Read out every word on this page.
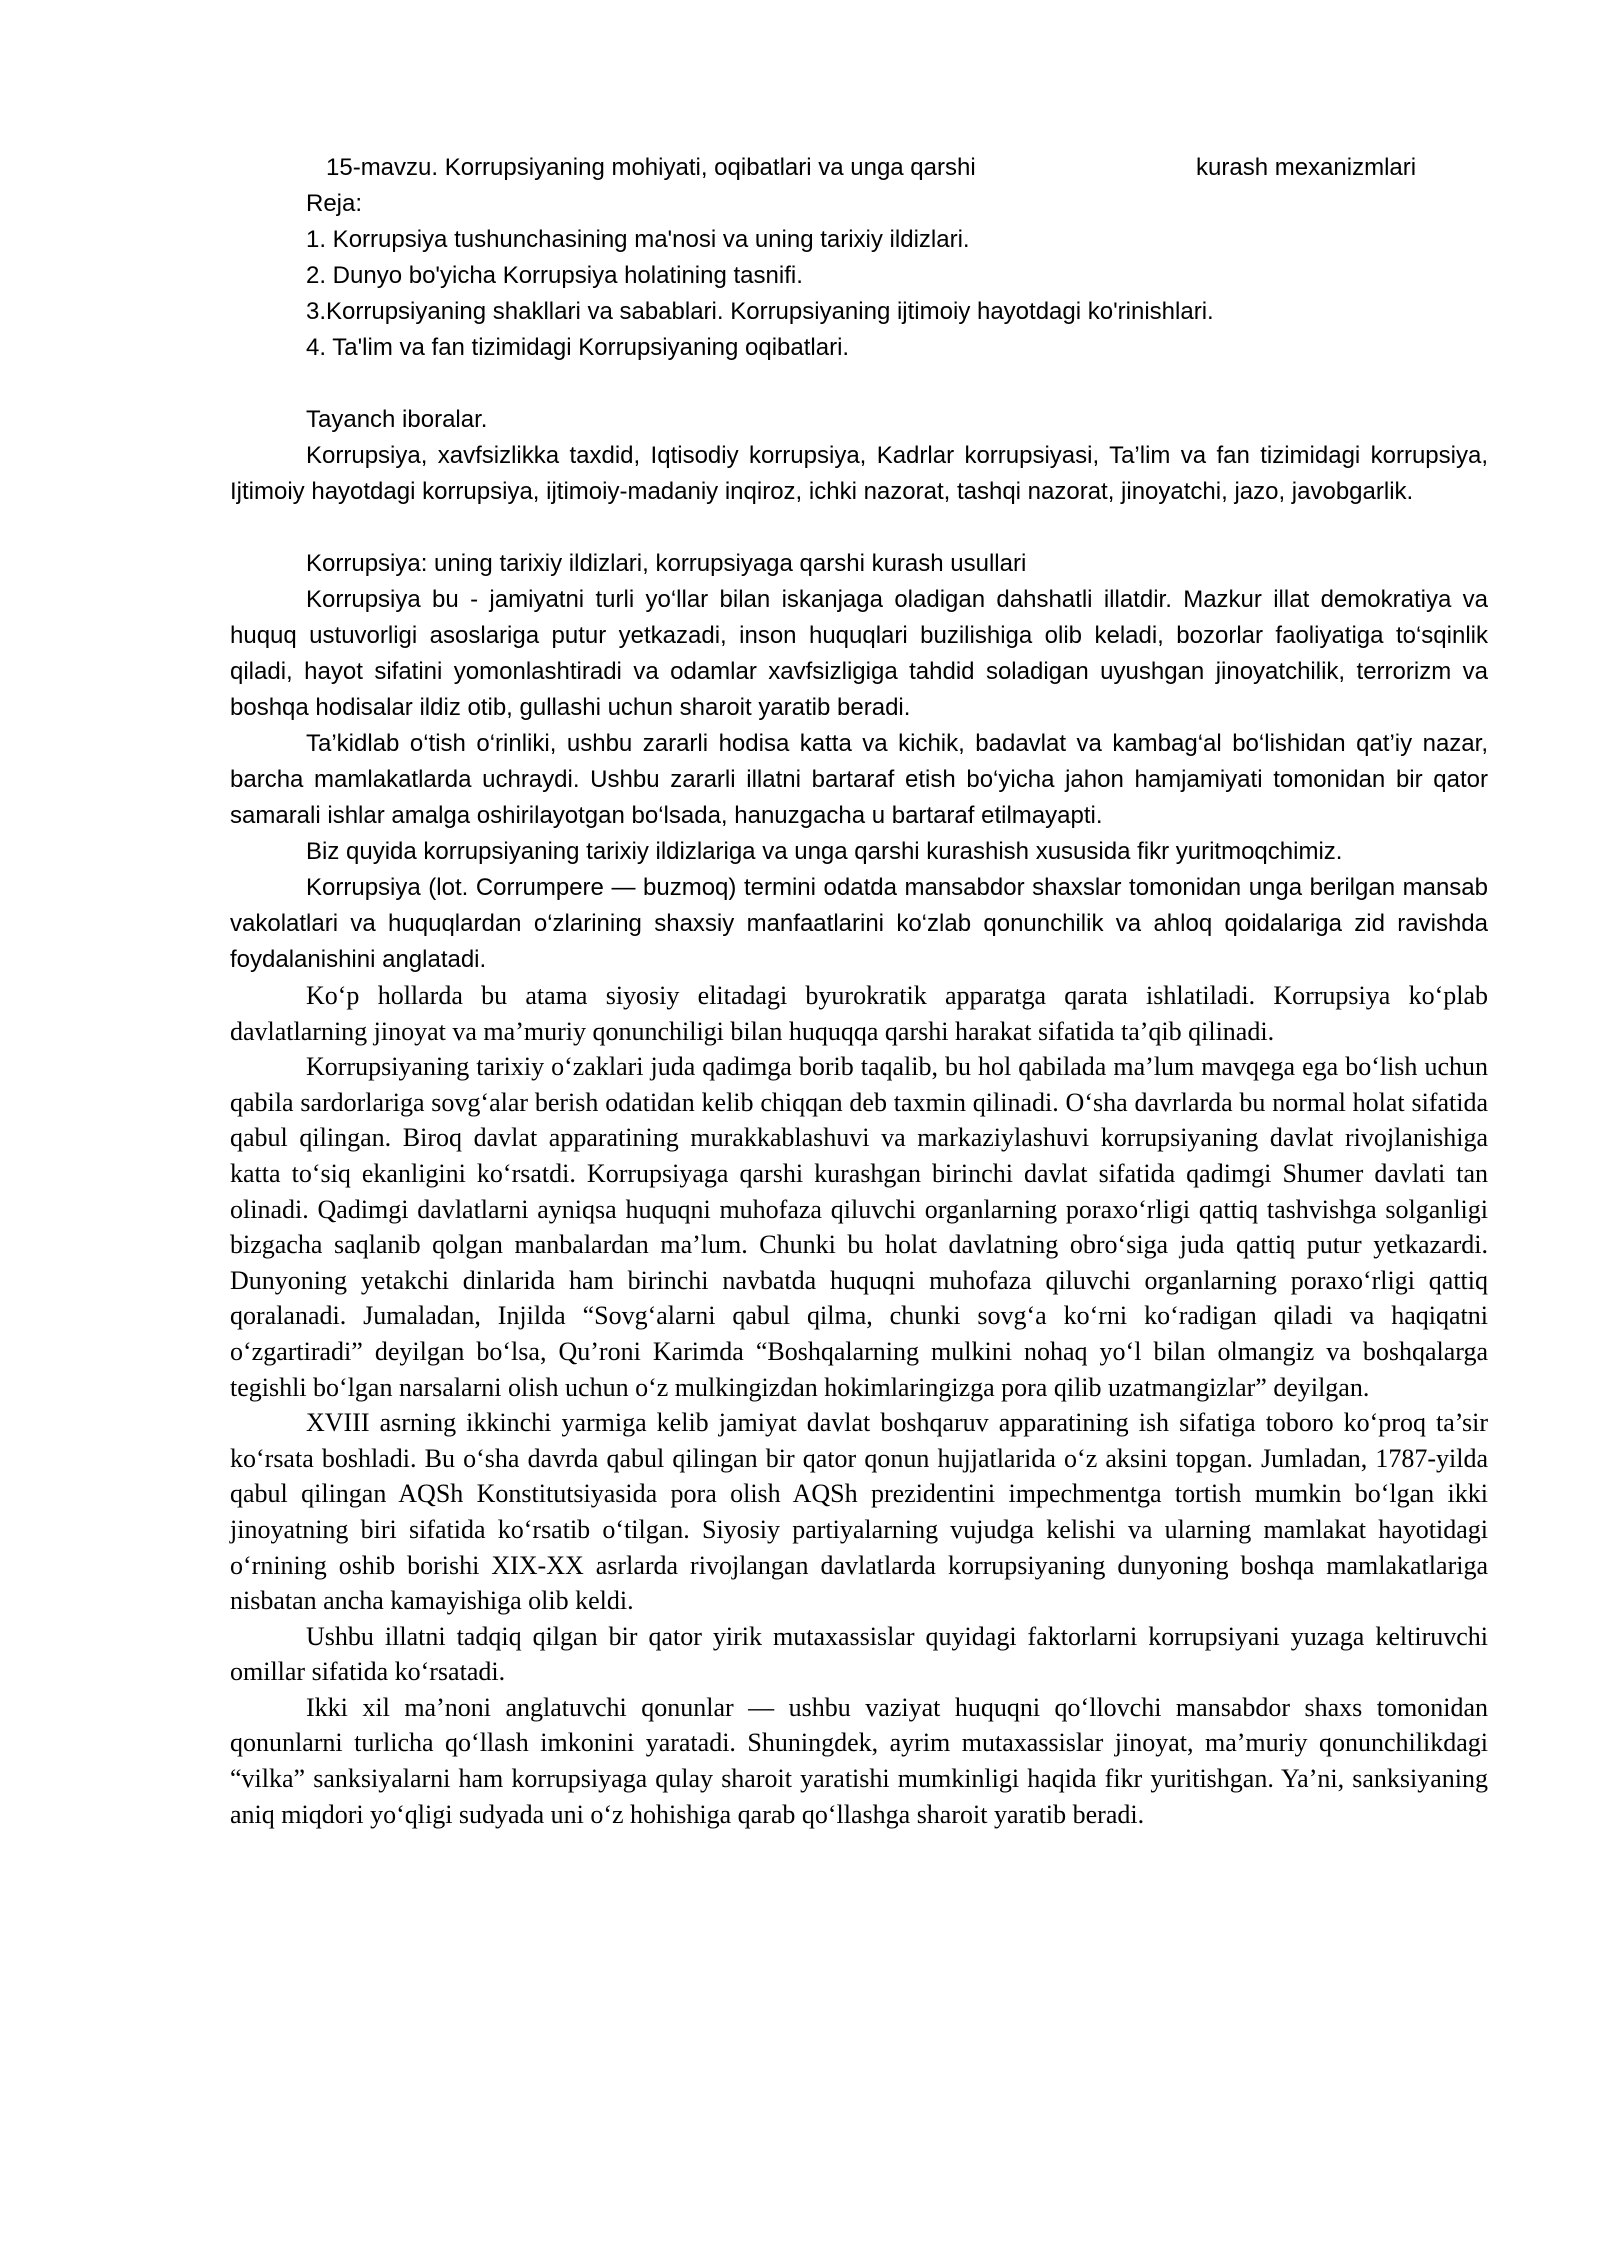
15-mavzu. Korrupsiyaning mohiyati, oqibatlari va unga qarshi	kurash mexanizmlari
Reja:
1. Korrupsiya tushunchasining ma'nosi va uning tarixiy ildizlari.
2. Dunyo bo'yicha Korrupsiya holatining tasnifi.
3.Korrupsiyaning shakllari va sabablari. Korrupsiyaning ijtimoiy hayotdagi ko'rinishlari.
4. Ta'lim va fan tizimidagi Korrupsiyaning oqibatlari.

Tayanch iboralar.

Korrupsiya, xavfsizlikka taxdid, Iqtisodiy korrupsiya, Kadrlar korrupsiyasi, Ta’lim va fan tizimidagi korrupsiya, Ijtimoiy hayotdagi korrupsiya, ijtimoiy-madaniy inqiroz, ichki nazorat, tashqi nazorat, jinoyatchi, jazo, javobgarlik.

Korrupsiya: uning tarixiy ildizlari, korrupsiyaga qarshi kurash usullari

Korrupsiya bu - jamiyatni turli yo‘llar bilan iskanjaga oladigan dahshatli illatdir. Mazkur illat demokratiya va huquq ustuvorligi asoslariga putur yetkazadi, inson huquqlari buzilishiga olib keladi, bozorlar faoliyatiga to‘sqinlik qiladi, hayot sifatini yomonlashtiradi va odamlar xavfsizligiga tahdid soladigan uyushgan jinoyatchilik, terrorizm va boshqa hodisalar ildiz otib, gullashi uchun sharoit yaratib beradi.

Ta’kidlab o‘tish o‘rinliki, ushbu zararli hodisa katta va kichik, badavlat va kambag‘al bo‘lishidan qat’iy nazar, barcha mamlakatlarda uchraydi. Ushbu zararli illatni bartaraf etish bo‘yicha jahon hamjamiyati tomonidan bir qator samarali ishlar amalga oshirilayotgan bo‘lsada, hanuzgacha u bartaraf etilmayapti.

Biz quyida korrupsiyaning tarixiy ildizlariga va unga qarshi kurashish xususida fikr yuritmoqchimiz.

Korrupsiya (lot. Corrumpere — buzmoq) termini odatda mansabdor shaxslar tomonidan unga berilgan mansab vakolatlari va huquqlardan o‘zlarining shaxsiy manfaatlarini ko‘zlab qonunchilik va ahloq qoidalariga zid ravishda foydalanishini anglatadi.

Ko‘p hollarda bu atama siyosiy elitadagi byurokratik apparatga qarata ishlatiladi. Korrupsiya ko‘plab davlatlarning jinoyat va ma’muriy qonunchiligi bilan huquqqa qarshi harakat sifatida ta’qib qilinadi.

Korrupsiyaning tarixiy o‘zaklari juda qadimga borib taqalib, bu hol qabilada ma’lum mavqega ega bo‘lish uchun qabila sardorlariga sovg‘alar berish odatidan kelib chiqqan deb taxmin qilinadi. O‘sha davrlarda bu normal holat sifatida qabul qilingan. Biroq davlat apparatining murakkablashuvi va markaziylashuvi korrupsiyaning davlat rivojlanishiga katta to‘siq ekanligini ko‘rsatdi. Korrupsiyaga qarshi kurashgan birinchi davlat sifatida qadimgi Shumer davlati tan olinadi. Qadimgi davlatlarni ayniqsa huquqni muhofaza qiluvchi organlarning poraxo‘rligi qattiq tashvishga solganligi bizgacha saqlanib qolgan manbalardan ma’lum. Chunki bu holat davlatning obro‘siga juda qattiq putur yetkazardi. Dunyoning yetakchi dinlarida ham birinchi navbatda huquqni muhofaza qiluvchi organlarning poraxo‘rligi qattiq qoralanadi. Jumaladan, Injilda “Sovg‘alarni qabul qilma, chunki sovg‘a ko‘rni ko‘radigan qiladi va haqiqatni o‘zgartiradi” deyilgan bo‘lsa, Qu’roni Karimda “Boshqalarning mulkini nohaq yo‘l bilan olmangiz va boshqalarga tegishli bo‘lgan narsalarni olish uchun o‘z mulkingizdan hokimlaringizga pora qilib uzatmangizlar” deyilgan.

XVIII asrning ikkinchi yarmiga kelib jamiyat davlat boshqaruv apparatining ish sifatiga toboro ko‘proq ta’sir ko‘rsata boshladi. Bu o‘sha davrda qabul qilingan bir qator qonun hujjatlarida o‘z aksini topgan. Jumladan, 1787-yilda qabul qilingan AQSh Konstitutsiyasida pora olish AQSh prezidentini impechmentga tortish mumkin bo‘lgan ikki jinoyatning biri sifatida ko‘rsatib o‘tilgan. Siyosiy partiyalarning vujudga kelishi va ularning mamlakat hayotidagi o‘rnining oshib borishi XIX-XX asrlarda rivojlangan davlatlarda korrupsiyaning dunyoning boshqa mamlakatlariga nisbatan ancha kamayishiga olib keldi.

Ushbu illatni tadqiq qilgan bir qator yirik mutaxassislar quyidagi faktorlarni korrupsiyani yuzaga keltiruvchi omillar sifatida ko‘rsatadi.

Ikki xil ma’noni anglatuvchi qonunlar — ushbu vaziyat huquqni qo‘llovchi mansabdor shaxs tomonidan qonunlarni turlicha qo‘llash imkonini yaratadi. Shuningdek, ayrim mutaxassislar jinoyat, ma’muriy qonunchilikdagi “vilka” sanksiyalarni ham korrupsiyaga qulay sharoit yaratishi mumkinligi haqida fikr yuritishgan. Ya’ni, sanksiyaning aniq miqdori yo‘qligi sudyada uni o‘z hohishiga qarab qo‘llashga sharoit yaratib beradi.
